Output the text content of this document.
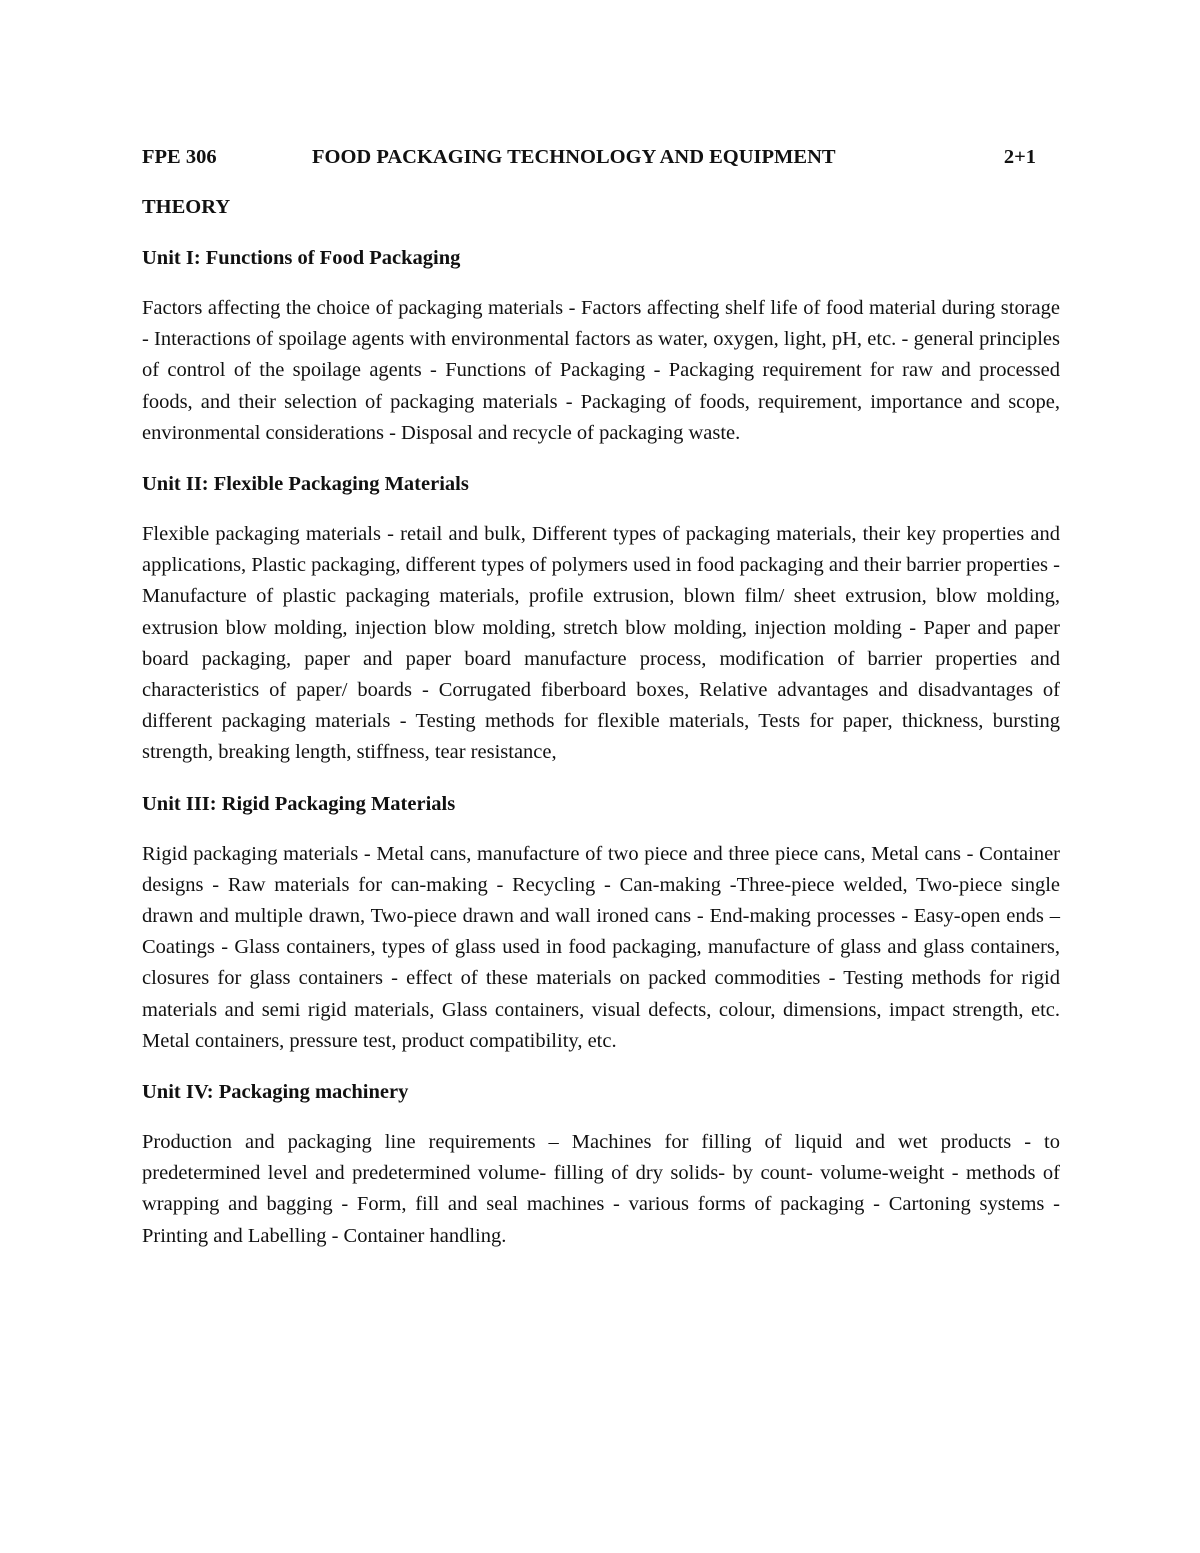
FPE 306	FOOD PACKAGING TECHNOLOGY AND EQUIPMENT	2+1
THEORY
Unit I: Functions of Food Packaging
Factors affecting the choice of packaging materials - Factors affecting shelf life of food material during storage - Interactions of spoilage agents with environmental factors as water, oxygen, light, pH, etc. - general principles of control of the spoilage agents - Functions of Packaging - Packaging requirement for raw and processed foods, and their selection of packaging materials - Packaging of foods, requirement, importance and scope, environmental considerations - Disposal and recycle of packaging waste.
Unit II: Flexible Packaging Materials
Flexible packaging materials - retail and bulk, Different types of packaging materials, their key properties and applications, Plastic packaging, different types of polymers used in food packaging and their barrier properties - Manufacture of plastic packaging materials, profile extrusion, blown film/ sheet extrusion, blow molding, extrusion blow molding, injection blow molding, stretch blow molding, injection molding - Paper and paper board packaging, paper and paper board manufacture process, modification of barrier properties and characteristics of paper/ boards - Corrugated fiberboard boxes, Relative advantages and disadvantages of different packaging materials - Testing methods for flexible materials, Tests for paper, thickness, bursting strength, breaking length, stiffness, tear resistance,
Unit III: Rigid Packaging Materials
Rigid packaging materials - Metal cans, manufacture of two piece and three piece cans, Metal cans - Container designs - Raw materials for can-making - Recycling - Can-making -Three-piece welded, Two-piece single drawn and multiple drawn, Two-piece drawn and wall ironed cans - End-making processes - Easy-open ends – Coatings - Glass containers, types of glass used in food packaging, manufacture of glass and glass containers, closures for glass containers - effect of these materials on packed commodities - Testing methods for rigid materials and semi rigid materials, Glass containers, visual defects, colour, dimensions, impact strength, etc. Metal containers, pressure test, product compatibility, etc.
Unit IV: Packaging machinery
Production and packaging line requirements – Machines for filling of liquid and wet products - to predetermined level and predetermined volume- filling of dry solids- by count- volume-weight - methods of wrapping and bagging - Form, fill and seal machines - various forms of packaging - Cartoning systems - Printing and Labelling - Container handling.
